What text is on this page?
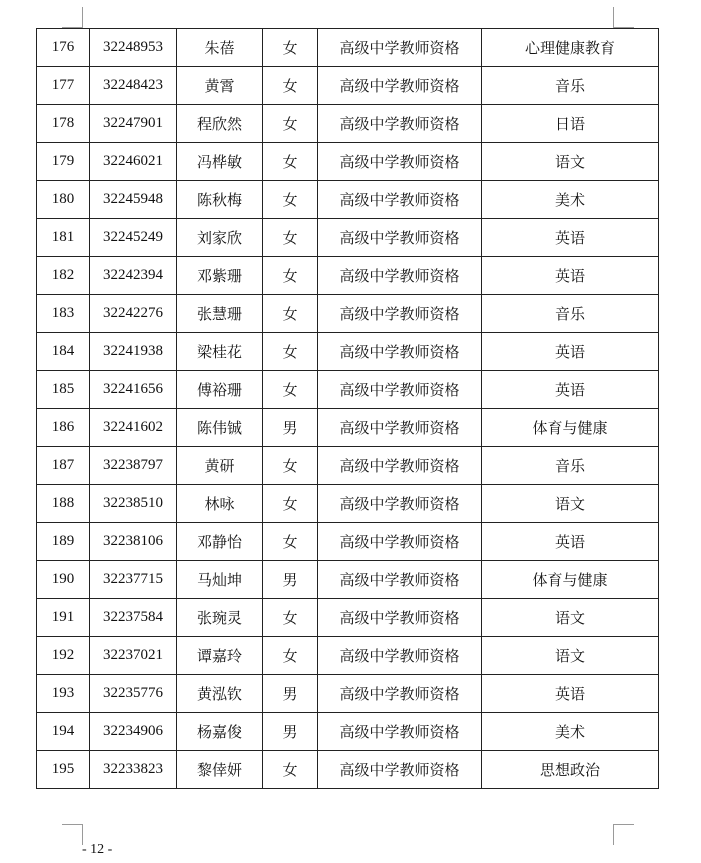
176	32248953	朱蓓	女	高级中学教师资格	心理健康教育
177	32248423	黄霄	女	高级中学教师资格	音乐
178	32247901	程欣然	女	高级中学教师资格	日语
179	32246021	冯桦敏	女	高级中学教师资格	语文
180	32245948	陈秋梅	女	高级中学教师资格	美术
181	32245249	刘家欣	女	高级中学教师资格	英语
182	32242394	邓紫珊	女	高级中学教师资格	英语
183	32242276	张慧珊	女	高级中学教师资格	音乐
184	32241938	梁桂花	女	高级中学教师资格	英语
185	32241656	傅裕珊	女	高级中学教师资格	英语
186	32241602	陈伟铖	男	高级中学教师资格	体育与健康
187	32238797	黄研	女	高级中学教师资格	音乐
188	32238510	林咏	女	高级中学教师资格	语文
189	32238106	邓静怡	女	高级中学教师资格	英语
190	32237715	马灿坤	男	高级中学教师资格	体育与健康
191	32237584	张琬灵	女	高级中学教师资格	语文
192	32237021	谭嘉玲	女	高级中学教师资格	语文
193	32235776	黄泓钦	男	高级中学教师资格	英语
194	32234906	杨嘉俊	男	高级中学教师资格	美术
195	32233823	黎倖妍	女	高级中学教师资格	思想政治
- 12 -
